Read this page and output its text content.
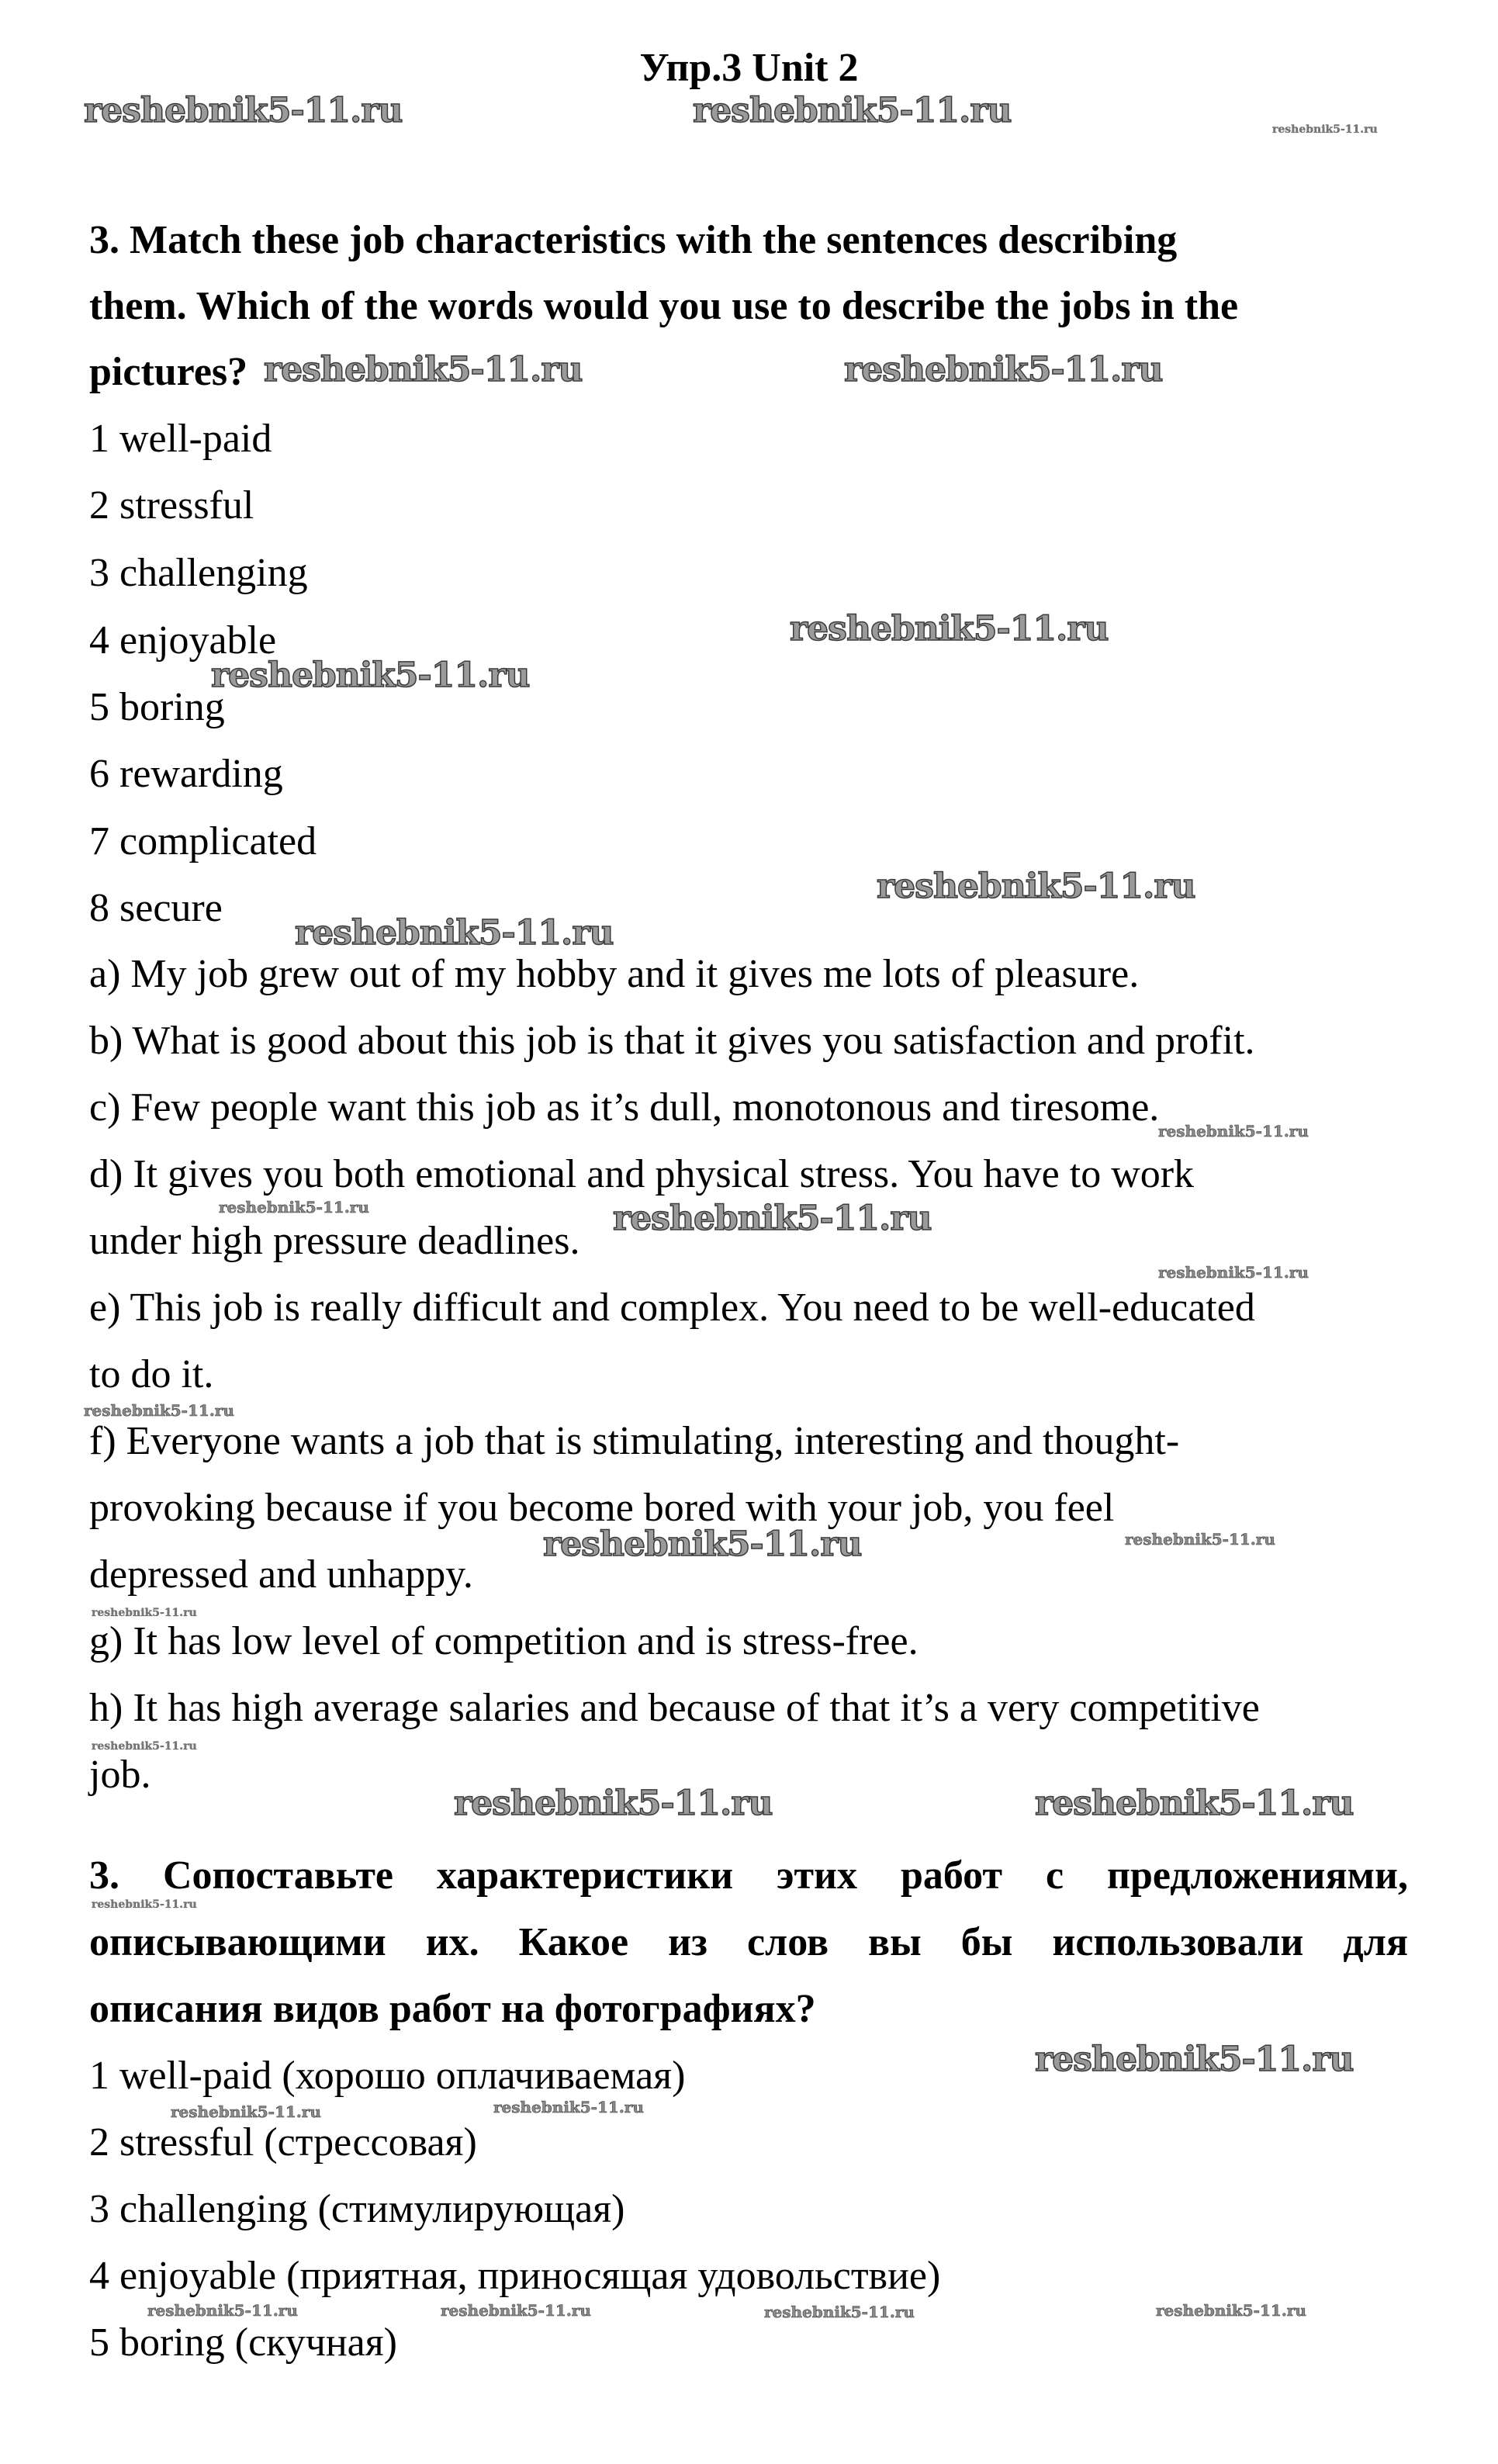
Упр.3 Unit 2
reshebnik5-11.ru	reshebnik5-11.ru	reshebnik5-11.ru
3. Match these job characteristics with the sentences describing
them. Which of the words would you use to describe the jobs in the
pictures? reshebnik5-11.ru	reshebnik5-11.ru
1 well-paid
2 stressful
3 challenging
4 enjoyable	reshebnik5-11.ru
reshebnik5-11.ru
5 boring
6 rewarding
7 complicated
reshebnik5-11.ru
8 secure
reshebnik5-11.ru
a) My job grew out of my hobby and it gives me lots of pleasure.
b) What is good about this job is that it gives you satisfaction and profit.
c) Few people want this job as it’s dull, monotonous and tiresome.
reshebnik5-11.ru
d) It gives you both emotional and physical stress. You have to work
reshebnik5-11.ru	reshebnik5-11.ru
under high pressure deadlines.
reshebnik5-11.ru
e) This job is really difficult and complex. You need to be well-educated
to do it.
reshebnik5-11.ru
f) Everyone wants a job that is stimulating, interesting and thought-
provoking because if you become bored with your job, you feel
reshebnik5-11.ru	reshebnik5-11.ru
depressed and unhappy.
reshebnik5-11.ru
g) It has low level of competition and is stress-free.
h) It has high average salaries and because of that it’s a very competitive
reshebnik5-11.ru
job.
reshebnik5-11.ru	reshebnik5-11.ru
3. Сопоставьте характеристики этих работ с предложениями,
reshebnik5-11.ru
описывающими их. Какое из слов вы бы использовали для
описания видов работ на фотографиях?
reshebnik5-11.ru
1 well-paid (хорошо оплачиваемая)
reshebnik5-11.ru	reshebnik5-11.ru
2 stressful (стрессовая)
3 challenging (стимулирующая)
4 enjoyable (приятная, приносящая удовольствие)
reshebnik5-11.ru	reshebnik5-11.ru	reshebnik5-11.ru	reshebnik5-11.ru
5 boring (скучная)
